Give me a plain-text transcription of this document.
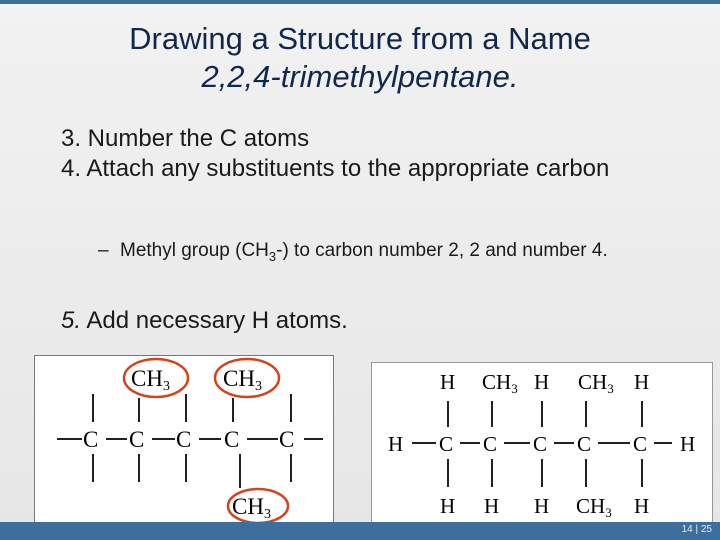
Drawing a Structure from a Name
2,2,4-trimethylpentane.
3. Number the C atoms
4. Attach any substituents to the appropriate carbon
– Methyl group $(CH_3-)$ to carbon number 2, 2 and number 4.
5. Add necessary H atoms.
CH3 CH3
CH3
C C C C C
H CH3 H CH3 H
H C C C C C H
H H H CH3 H
14 | 25
